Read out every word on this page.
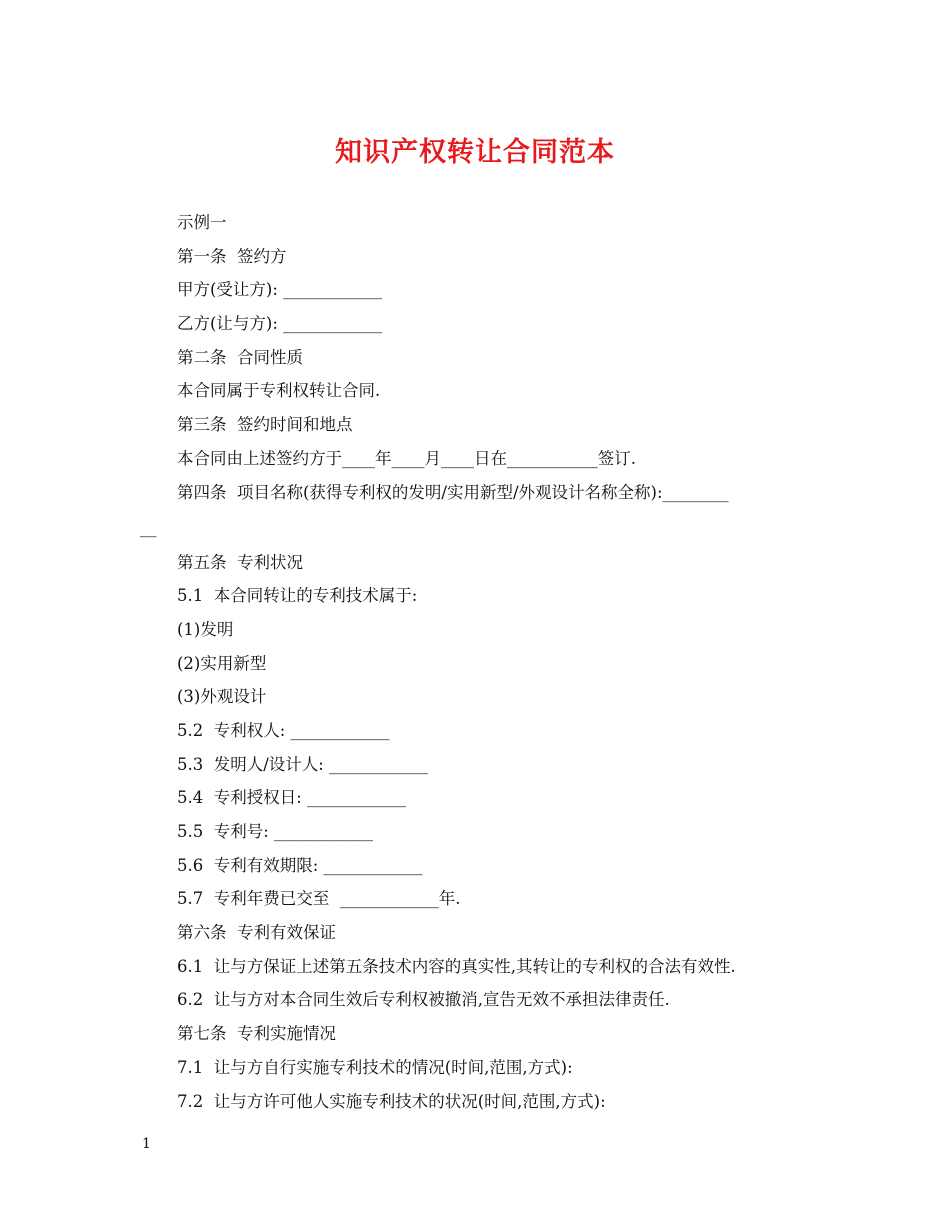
知识产权转让合同范本
示例一
第一条  签约方
甲方(受让方): ____________
乙方(让与方): ____________
第二条  合同性质
本合同属于专利权转让合同.
第三条  签约时间和地点
本合同由上述签约方于____年____月____日在___________签订.
第四条  项目名称(获得专利权的发明/实用新型/外观设计名称全称):________
__
第五条  专利状况
5.1  本合同转让的专利技术属于:
(1)发明
(2)实用新型
(3)外观设计
5.2  专利权人: ____________
5.3  发明人/设计人: ____________
5.4  专利授权日: ____________
5.5  专利号: ____________
5.6  专利有效期限: ____________
5.7  专利年费已交至  ____________年.
第六条  专利有效保证
6.1  让与方保证上述第五条技术内容的真实性,其转让的专利权的合法有效性.
6.2  让与方对本合同生效后专利权被撤消,宣告无效不承担法律责任.
第七条  专利实施情况
7.1  让与方自行实施专利技术的情况(时间,范围,方式):
7.2  让与方许可他人实施专利技术的状况(时间,范围,方式):
1
